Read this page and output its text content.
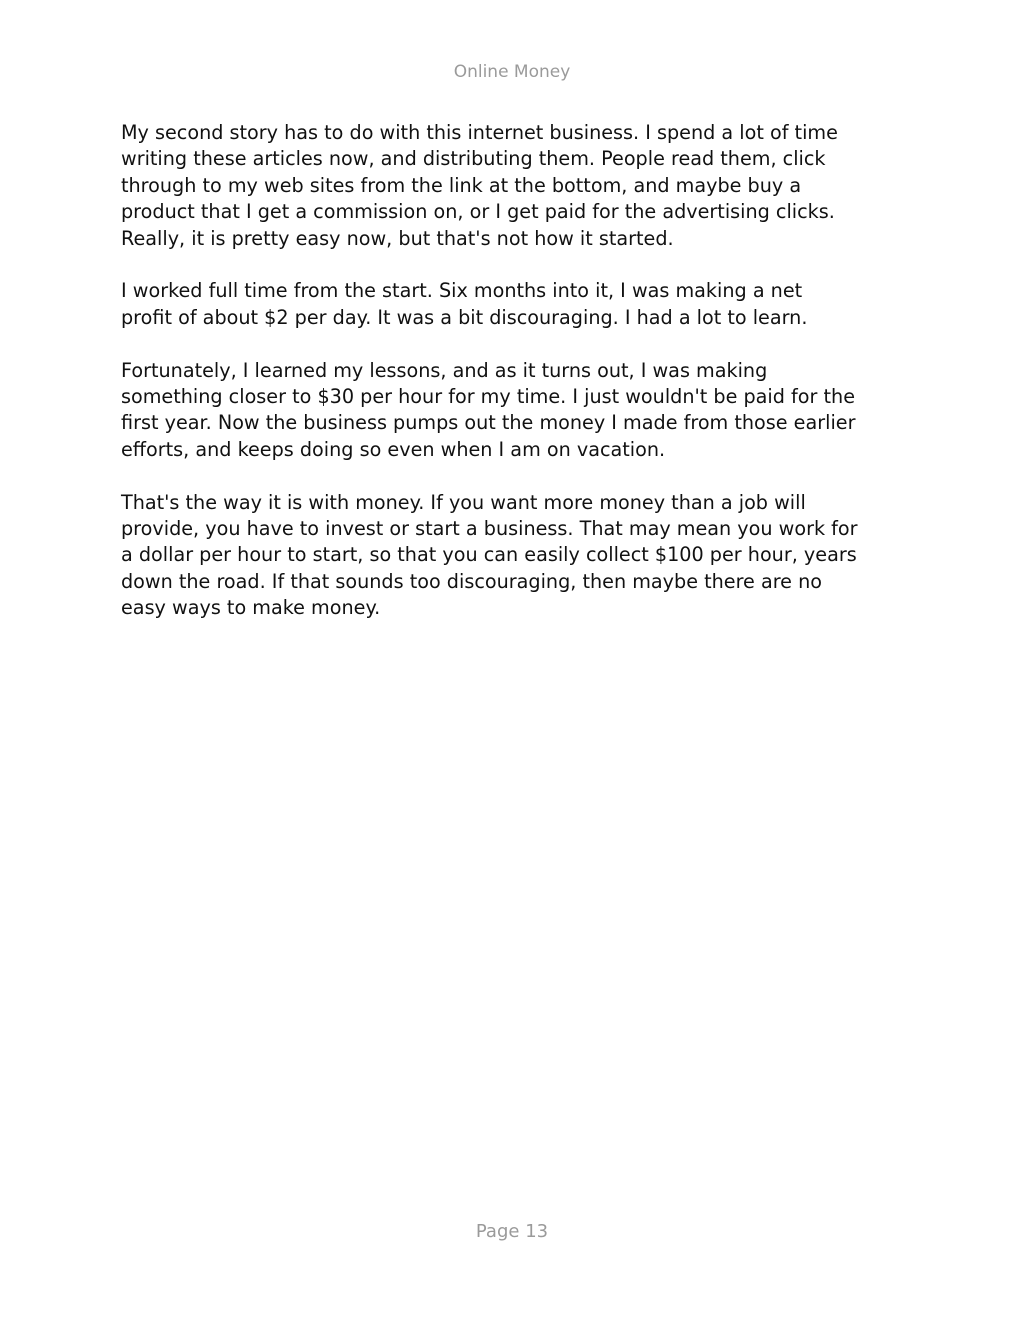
Online Money

My second story has to do with this internet business. I spend a lot of time
writing these articles now, and distributing them. People read them, click
through to my web sites from the link at the bottom, and maybe buy a
product that I get a commission on, or I get paid for the advertising clicks.
Really, it is pretty easy now, but that's not how it started.

I worked full time from the start. Six months into it, I was making a net
profit of about $2 per day. It was a bit discouraging. I had a lot to learn.

Fortunately, I learned my lessons, and as it turns out, I was making
something closer to $30 per hour for my time. I just wouldn't be paid for the
first year. Now the business pumps out the money I made from those earlier
efforts, and keeps doing so even when I am on vacation.

That's the way it is with money. If you want more money than a job will
provide, you have to invest or start a business. That may mean you work for
a dollar per hour to start, so that you can easily collect $100 per hour, years
down the road. If that sounds too discouraging, then maybe there are no
easy ways to make money.

Page 13
